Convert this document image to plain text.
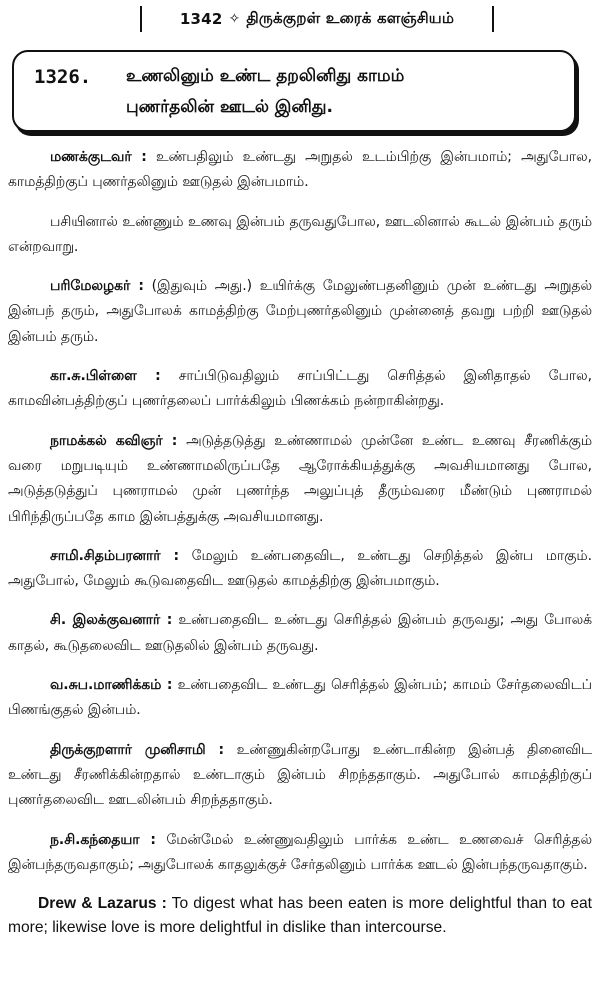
1342 ✧ திருக்குறள் உரைக் களஞ்சியம்
1326. உணலினும் உண்ட தறலினிது காமம்
புணர்தலின் ஊடல் இனிது.

மணக்குடவர் : உண்பதிலும் உண்டது அறுதல் உடம்பிற்கு இன்பமாம்; அதுபோல, காமத்திற்குப் புணர்தலினும் ஊடுதல் இன்பமாம்.

பசியினால் உண்ணும் உணவு இன்பம் தருவதுபோல, ஊடலினால் கூடல் இன்பம் தரும் என்றவாறு.

பரிமேலழகர் : (இதுவும் அது.) உயிர்க்கு மேலுண்பதனினும் முன் உண்டது அறுதல் இன்பந் தரும், அதுபோலக் காமத்திற்கு மேற்புணர்தலினும் முன்னைத் தவறு பற்றி ஊடுதல் இன்பம் தரும்.

கா.சு.பிள்ளை : சாப்பிடுவதிலும் சாப்பிட்டது செரித்தல் இனிதாதல் போல, காமவின்பத்திற்குப் புணர்தலைப் பார்க்கிலும் பிணக்கம் நன்றாகின்றது.

நாமக்கல் கவிஞர் : அடுத்தடுத்து உண்ணாமல் முன்னே உண்ட உணவு சீரணிக்கும் வரை மறுபடியும் உண்ணாமலிருப்பதே ஆரோக்கியத்துக்கு அவசியமானது போல, அடுத்தடுத்துப் புணராமல் முன் புணர்ந்த அலுப்புத் தீரும்வரை மீண்டும் புணராமல் பிரிந்திருப்பதே காம இன்பத்துக்கு அவசியமானது.

சாமி.சிதம்பரனார் : மேலும் உண்பதைவிட, உண்டது செறித்தல் இன்ப மாகும். அதுபோல், மேலும் கூடுவதைவிட ஊடுதல் காமத்திற்கு இன்பமாகும்.

சி. இலக்குவனார் : உண்பதைவிட உண்டது செரித்தல் இன்பம் தருவது; அது போலக் காதல், கூடுதலைவிட ஊடுதலில் இன்பம் தருவது.

வ.சுப.மாணிக்கம் : உண்பதைவிட உண்டது செரித்தல் இன்பம்; காமம் சேர்தலைவிடப் பிணங்குதல் இன்பம்.

திருக்குறளார் முனிசாமி : உண்ணுகின்றபோது உண்டாகின்ற இன்பத் தினைவிட உண்டது சீரணிக்கின்றதால் உண்டாகும் இன்பம் சிறந்ததாகும். அதுபோல் காமத்திற்குப் புணர்தலைவிட ஊடலின்பம் சிறந்ததாகும்.

ந.சி.கந்தையா : மேன்மேல் உண்ணுவதிலும் பார்க்க உண்ட உணவைச் செரித்தல் இன்பந்தருவதாகும்; அதுபோலக் காதலுக்குச் சேர்தலினும் பார்க்க ஊடல் இன்பந்தருவதாகும்.

Drew & Lazarus : To digest what has been eaten is more delightful than to eat more; likewise love is more delightful in dislike than intercourse.
